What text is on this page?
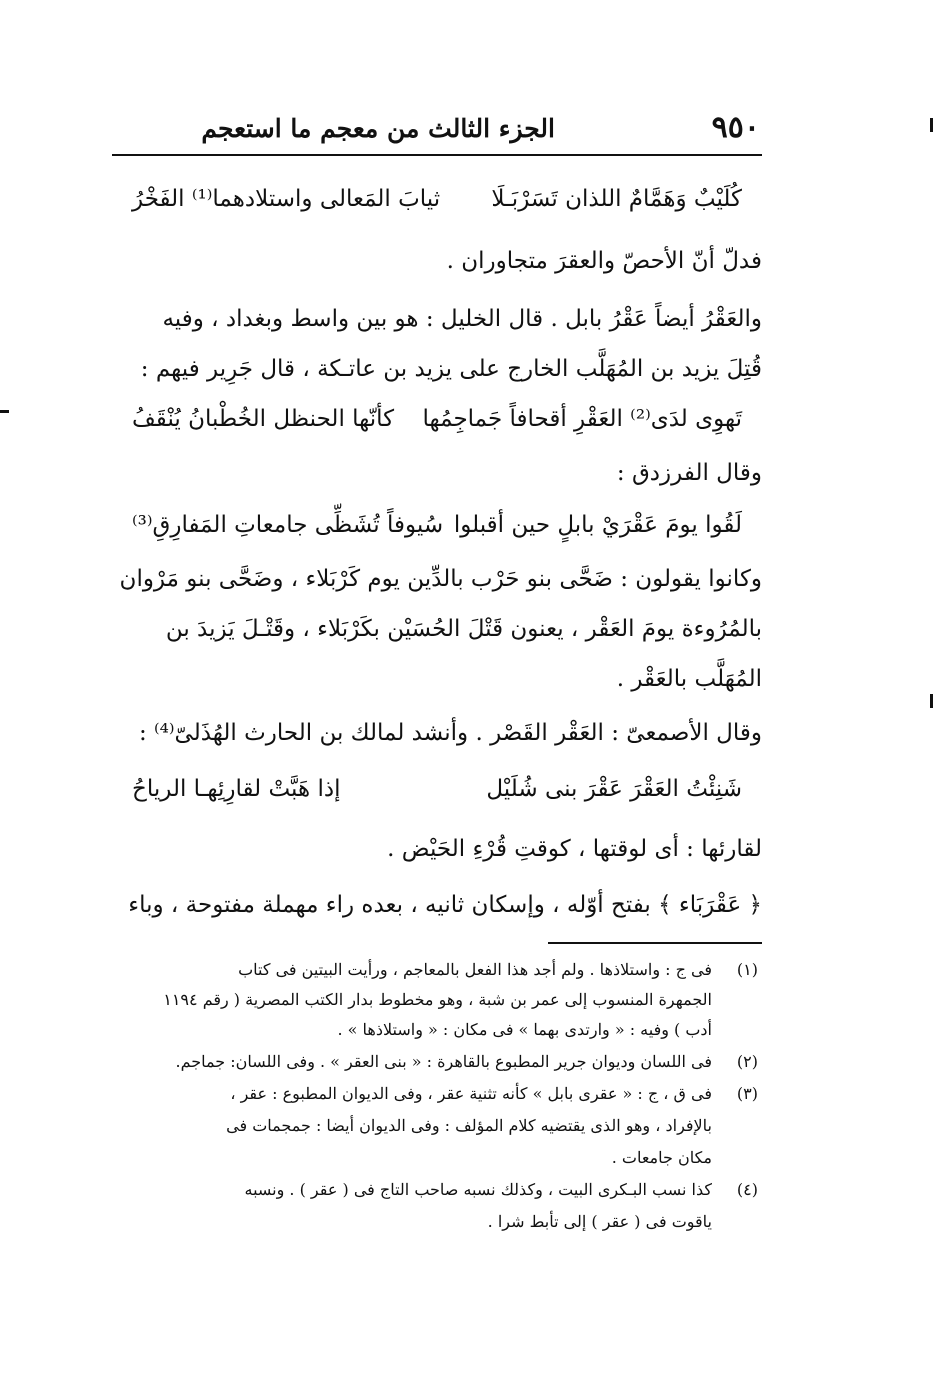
٩٥٠
الجزء الثالث من معجم ما استعجم
كُلَيْبٌ وَهَمَّامٌ اللذان تَسَرْبَـلَا
ثيابَ المَعالى واستلادهما⁽¹⁾ الفَخْرُ
فدلّ أنّ الأحصّ والعقرَ متجاوران .
والعَقْرُ أيضاً عَقْرُ بابل . قال الخليل : هو بين واسط وبغداد ، وفيه
قُتِلَ يزيد بن المُهَلَّب الخارج على يزيد بن عاتـكة ، قال جَرِير فيهم :
تَهوِى لدَى⁽²⁾ العَقْرِ أقحافاً جَماجِمُها
كأنّها الحنظل الخُطْبانُ يُنْقَفُ
وقال الفرزدق :
لَقُوا يومَ عَقْرَيْ بابلٍ حين أقبلوا
سُيوفاً تُشَظِّى جامعاتِ المَفارِقِ⁽³⁾
وكانوا يقولون : ضَحَّى بنو حَرْب بالدِّين يوم كَرْبَلاء ، وضَحَّى بنو مَرْوان
بالمُرُوءة يومَ العَقْر ، يعنون قَتْلَ الحُسَيْن بكَرْبَلاء ، وقَتْـلَ يَزيدَ بن
المُهَلَّب بالعَقْر .
وقال الأصمعىّ : العَقْر القَصْر . وأنشد لمالك بن الحارث الهُذَلىّ⁽⁴⁾ :
شَنِئْتُ العَقْرَ عَقْرَ بنى شُلَيْل
إذا هَبَّتْ لقارِئِهـا الرياحُ
لقارئها : أى لوقتها ، كوقتِ قُرْءِ الحَيْض .
﴿ عَقْرَبَاء ﴾ بفتح أوّله ، وإسكان ثانيه ، بعده راء مهملة مفتوحة ، وباء
(١)
فى ج : واستلاذها . ولم أجد هذا الفعل بالمعاجم ، ورأيت البيتين فى كتاب
الجمهرة المنسوب إلى عمر بن شبة ، وهو مخطوط بدار الكتب المصرية ( رقم ١١٩٤
أدب ) وفيه : « وارتدى بهما » فى مكان : « واستلاذها » .
(٢)
فى اللسان وديوان جرير المطبوع بالقاهرة : « بنى العقر » . وفى اللسان: جماجم.
(٣)
فى ق ، ج : « عقرى بابل » كأنه تثنية عقر ، وفى الديوان المطبوع : عقر ،
بالإفراد ، وهو الذى يقتضيه كلام المؤلف : وفى الديوان أيضا : جمجمات فى
مكان جامعات .
(٤)
كذا نسب البـكرى البيت ، وكذلك نسبه صاحب التاج فى ( عقر ) . ونسبه
ياقوت فى ( عقر ) إلى تأبط شرا .
